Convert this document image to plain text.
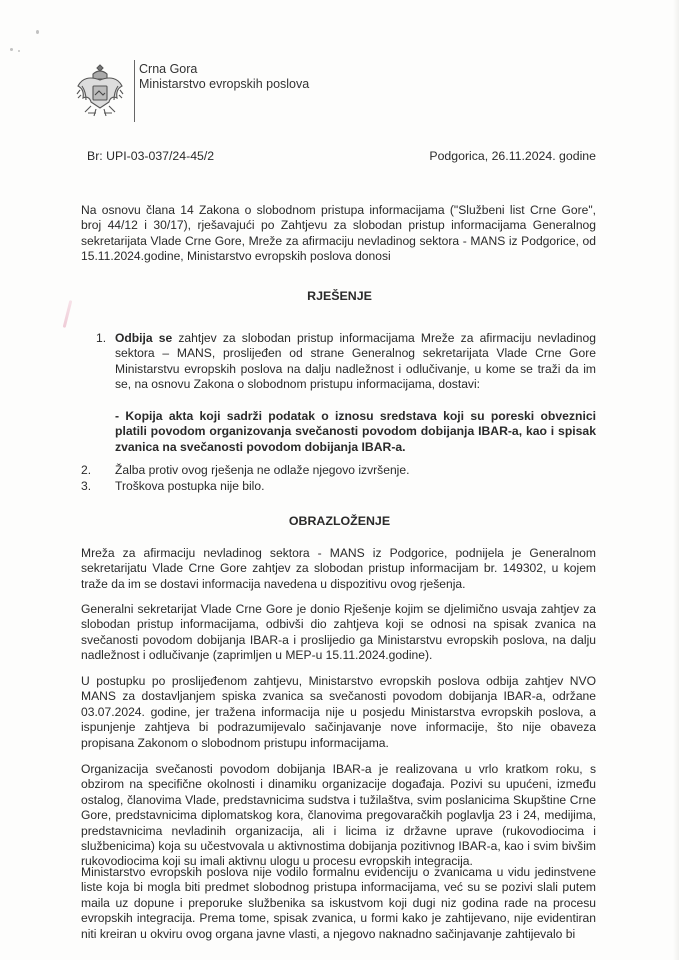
Crna Gora
Ministarstvo evropskih poslova
Br: UPI-03-037/24-45/2	Podgorica, 26.11.2024. godine
Na osnovu člana 14 Zakona o slobodnom pristupa informacijama ("Službeni list Crne Gore", broj 44/12 i 30/17), rješavajući po Zahtjevu za slobodan pristup informacijama Generalnog sekretarijata Vlade Crne Gore, Mreže za afirmaciju nevladinog sektora - MANS iz Podgorice, od 15.11.2024.godine, Ministarstvo evropskih poslova donosi
RJEŠENJE
1. Odbija se zahtjev za slobodan pristup informacijama Mreže za afirmaciju nevladinog sektora – MANS, proslijeđen od strane Generalnog sekretarijata Vlade Crne Gore Ministarstvu evropskih poslova na dalju nadležnost i odlučivanje, u kome se traži da im se, na osnovu Zakona o slobodnom pristupu informacijama, dostavi:
- Kopija akta koji sadrži podatak o iznosu sredstava koji su poreski obveznici platili povodom organizovanja svečanosti povodom dobijanja IBAR-a, kao i spisak zvanica na svečanosti povodom dobijanja IBAR-a.
2.	Žalba protiv ovog rješenja ne odlaže njegovo izvršenje.
3.	Troškova postupka nije bilo.
OBRAZLOŽENJE
Mreža za afirmaciju nevladinog sektora - MANS iz Podgorice, podnijela je Generalnom sekretarijatu Vlade Crne Gore zahtjev za slobodan pristup informacijam br. 149302, u kojem traže da im se dostavi informacija navedena u dispozitivu ovog rješenja.
Generalni sekretarijat Vlade Crne Gore je donio Rješenje kojim se djelimično usvaja zahtjev za slobodan pristup informacijama, odbivši dio zahtjeva koji se odnosi na spisak zvanica na svečanosti povodom dobijanja IBAR-a i proslijedio ga Ministarstvu evropskih poslova, na dalju nadležnost i odlučivanje (zaprimljen u MEP-u 15.11.2024.godine).
U postupku po proslijeđenom zahtjevu, Ministarstvo evropskih poslova odbija zahtjev NVO MANS za dostavljanjem spiska zvanica sa svečanosti povodom dobijanja IBAR-a, održane 03.07.2024. godine, jer tražena informacija nije u posjedu Ministarstva evropskih poslova, a ispunjenje zahtjeva bi podrazumijevalo sačinjavanje nove informacije, što nije obaveza propisana Zakonom o slobodnom pristupu informacijama.
Organizacija svečanosti povodom dobijanja IBAR-a je realizovana u vrlo kratkom roku, s obzirom na specifične okolnosti i dinamiku organizacije događaja. Pozivi su upućeni, između ostalog, članovima Vlade, predstavnicima sudstva i tužilaštva, svim poslanicima Skupštine Crne Gore, predstavnicima diplomatskog kora, članovima pregovaračkih poglavlja 23 i 24, medijima, predstavnicima nevladinih organizacija, ali i licima iz državne uprave (rukovodiocima i službenicima) koja su učestvovala u aktivnostima dobijanja pozitivnog IBAR-a, kao i svim bivšim rukovodiocima koji su imali aktivnu ulogu u procesu evropskih integracija.
Ministarstvo evropskih poslova nije vodilo formalnu evidenciju o zvanicama u vidu jedinstvene liste koja bi mogla biti predmet slobodnog pristupa informacijama, već su se pozivi slali putem maila uz dopune i preporuke službenika sa iskustvom koji dugi niz godina rade na procesu evropskih integracija. Prema tome, spisak zvanica, u formi kako je zahtijevano, nije evidentiran niti kreiran u okviru ovog organa javne vlasti, a njegovo naknadno sačinjavanje zahtijevalo bi
